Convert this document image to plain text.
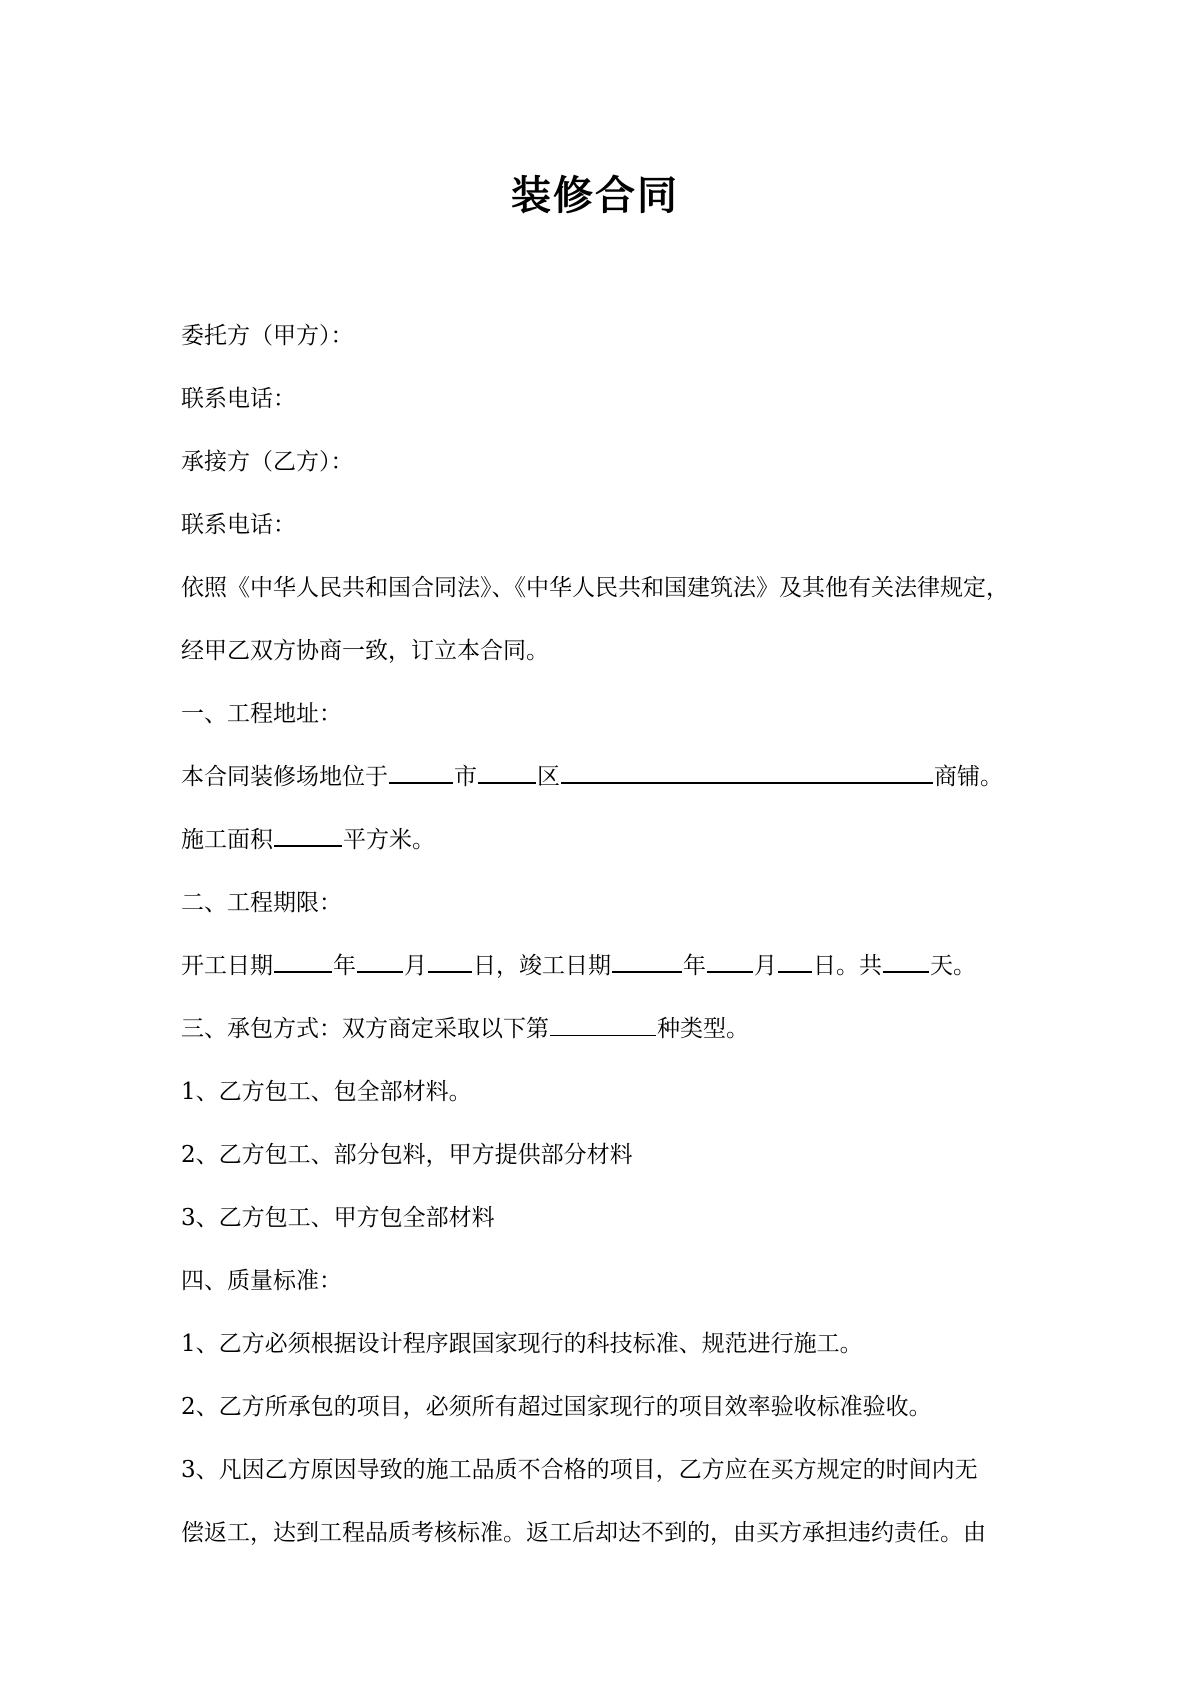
装修合同
委托方（甲方）：
联系电话：
承接方（乙方）：
联系电话：
依照《中华人民共和国合同法》、《中华人民共和国建筑法》及其他有关法律规定，
经甲乙双方协商一致，订立本合同。
一、工程地址：
本合同装修场地位于	市	区	商铺。
施工面积	平方米。
二、工程期限：
开工日期	年 月 日，竣工日期	年 月 日。共 天。
三、承包方式：双方商定采取以下第	种类型。
1、乙方包工、包全部材料。
2、乙方包工、部分包料，甲方提供部分材料
3、乙方包工、甲方包全部材料
四、质量标准：
1、乙方必须根据设计程序跟国家现行的科技标准、规范进行施工。
2、乙方所承包的项目，必须所有超过国家现行的项目效率验收标准验收。
3、凡因乙方原因导致的施工品质不合格的项目，乙方应在买方规定的时间内无
偿返工，达到工程品质考核标准。返工后却达不到的，由买方承担违约责任。由
